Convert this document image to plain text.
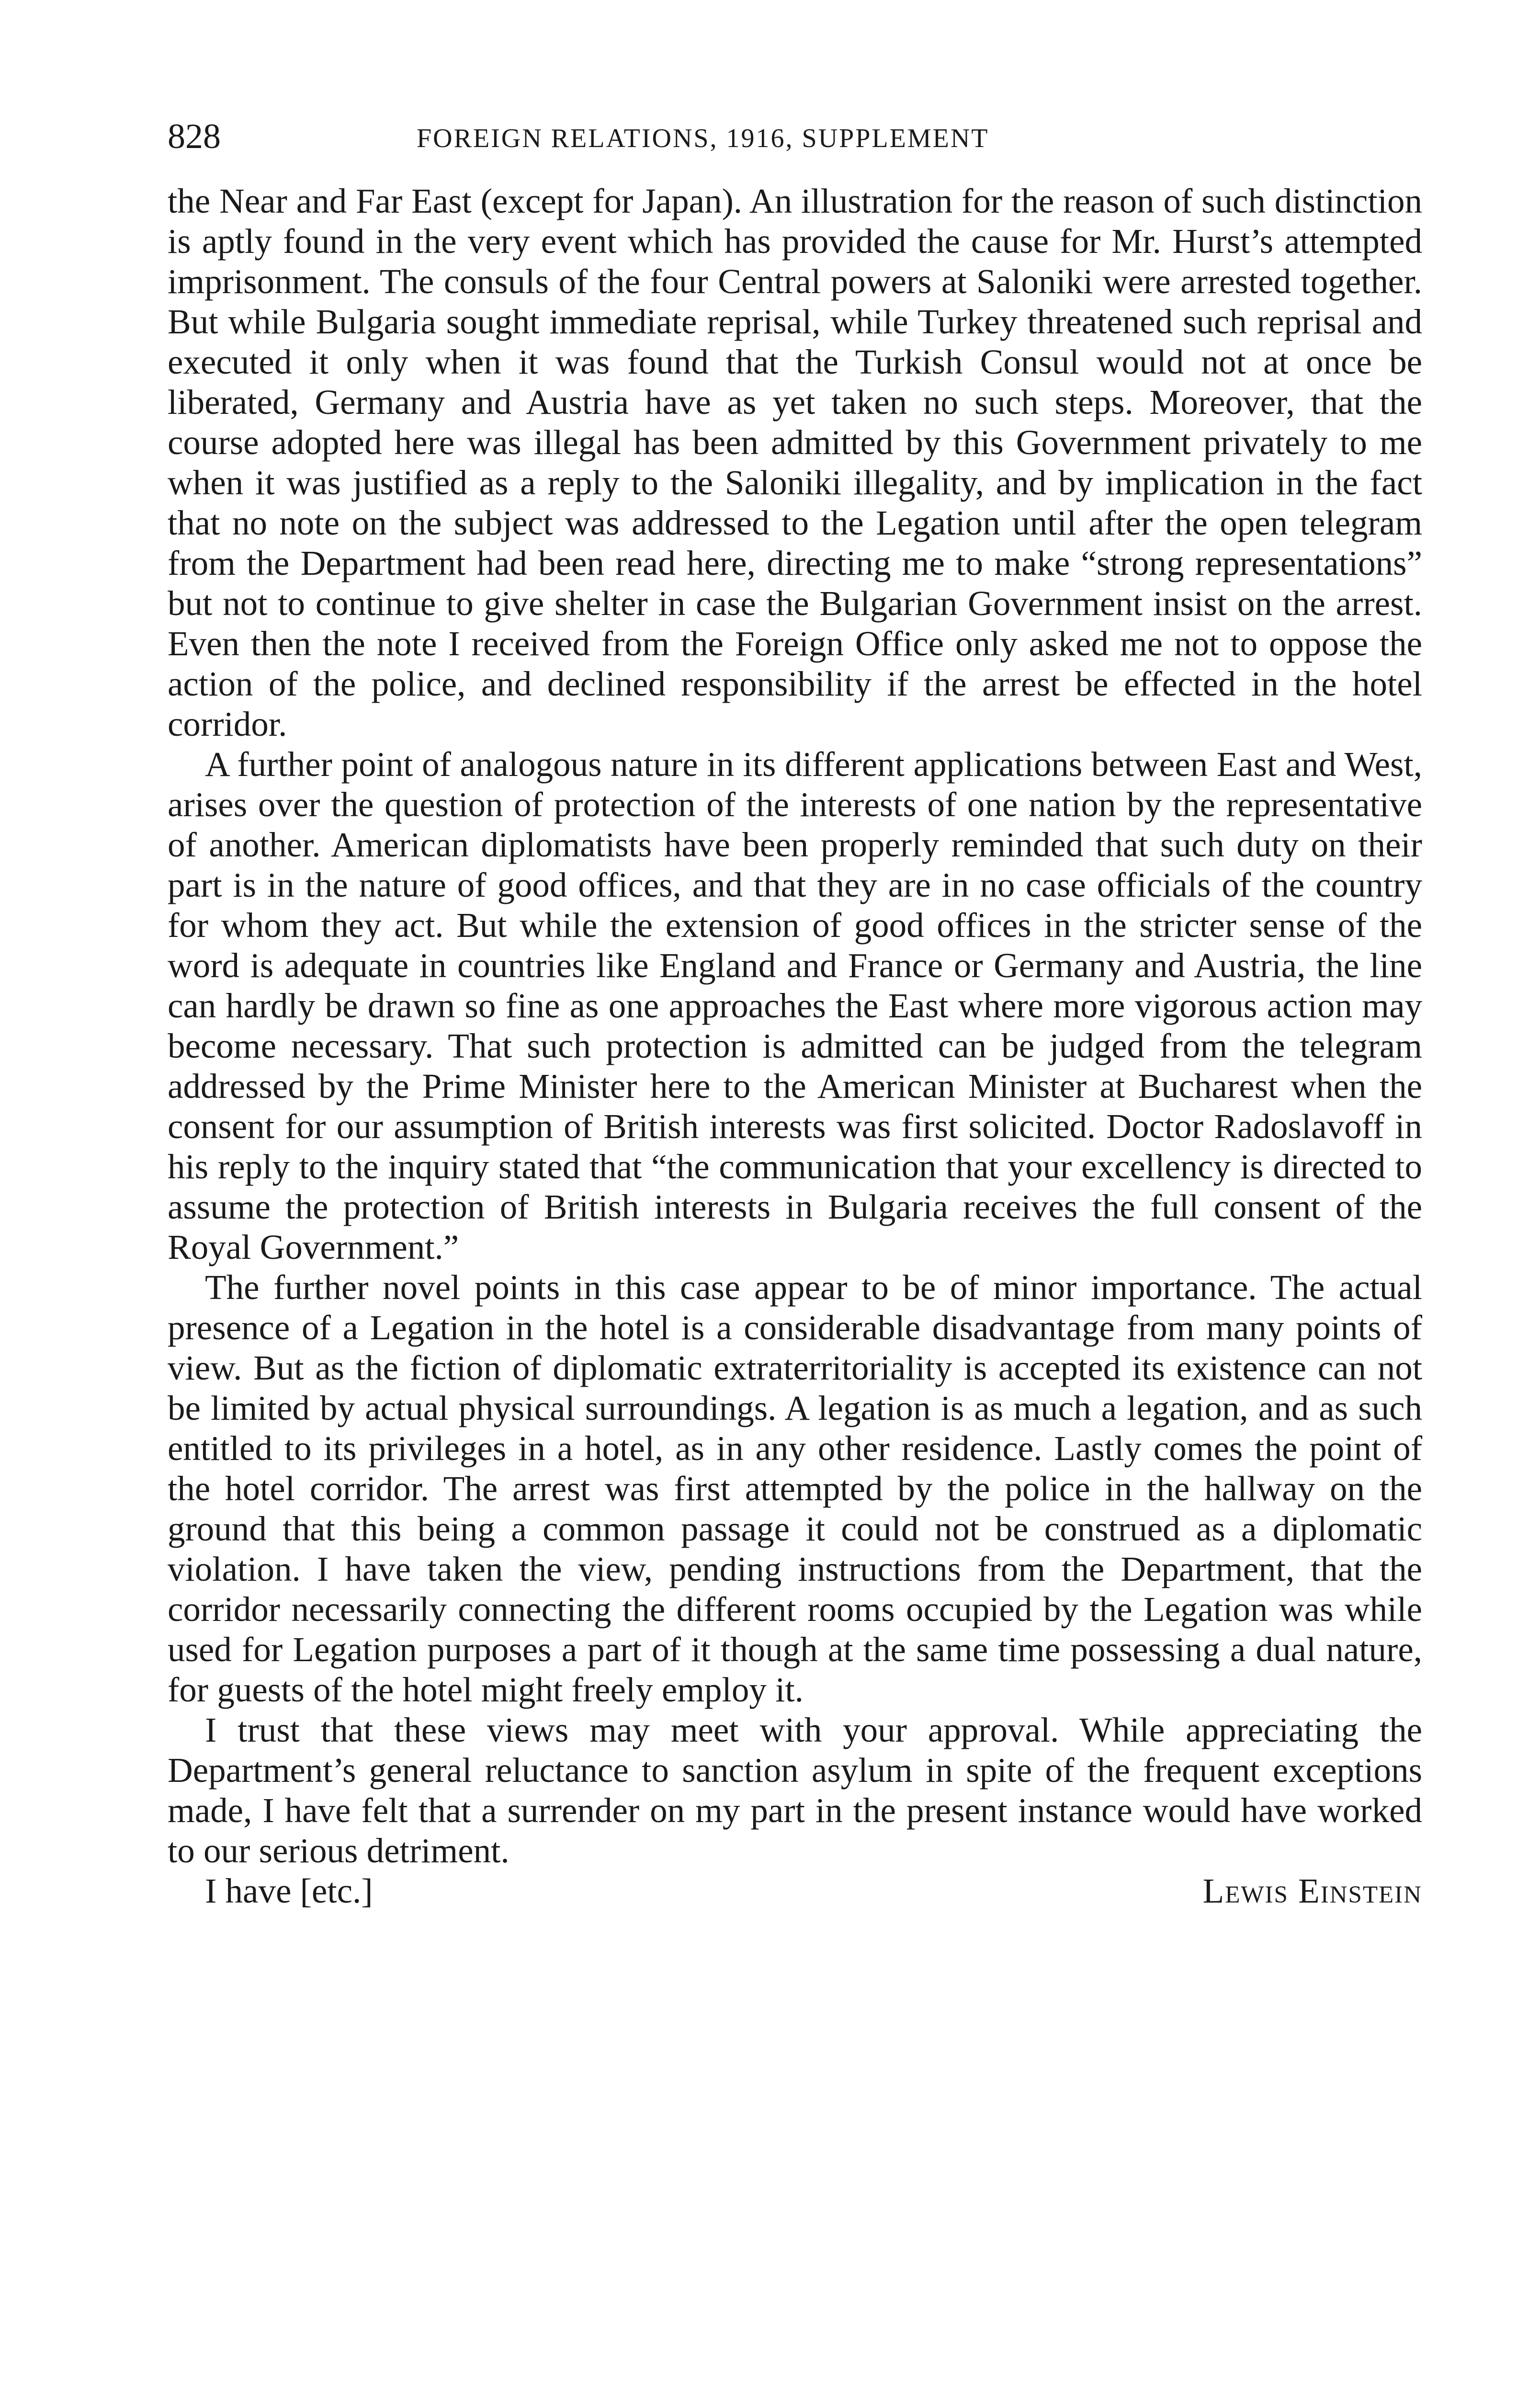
828	FOREIGN RELATIONS, 1916, SUPPLEMENT

the Near and Far East (except for Japan). An illustration for the reason of such distinction is aptly found in the very event which has provided the cause for Mr. Hurst’s attempted imprisonment. The consuls of the four Central powers at Saloniki were arrested together. But while Bulgaria sought immediate reprisal, while Turkey threatened such reprisal and executed it only when it was found that the Turkish Consul would not at once be liberated, Germany and Austria have as yet taken no such steps. Moreover, that the course adopted here was illegal has been admitted by this Government privately to me when it was justified as a reply to the Saloniki illegality, and by implication in the fact that no note on the subject was addressed to the Legation until after the open telegram from the Department had been read here, directing me to make “strong representations” but not to continue to give shelter in case the Bulgarian Government insist on the arrest. Even then the note I received from the Foreign Office only asked me not to oppose the action of the police, and declined responsibility if the arrest be effected in the hotel corridor.

A further point of analogous nature in its different applications between East and West, arises over the question of protection of the interests of one nation by the representative of another. American diplomatists have been properly reminded that such duty on their part is in the nature of good offices, and that they are in no case officials of the country for whom they act. But while the extension of good offices in the stricter sense of the word is adequate in countries like England and France or Germany and Austria, the line can hardly be drawn so fine as one approaches the East where more vigorous action may become necessary. That such protection is admitted can be judged from the telegram addressed by the Prime Minister here to the American Minister at Bucharest when the consent for our assumption of British interests was first solicited. Doctor Radoslavoff in his reply to the inquiry stated that “the communication that your excellency is directed to assume the protection of British interests in Bulgaria receives the full consent of the Royal Government.”

The further novel points in this case appear to be of minor importance. The actual presence of a Legation in the hotel is a considerable disadvantage from many points of view. But as the fiction of diplomatic extraterritoriality is accepted its existence can not be limited by actual physical surroundings. A legation is as much a legation, and as such entitled to its privileges in a hotel, as in any other residence. Lastly comes the point of the hotel corridor. The arrest was first attempted by the police in the hallway on the ground that this being a common passage it could not be construed as a diplomatic violation. I have taken the view, pending instructions from the Department, that the corridor necessarily connecting the different rooms occupied by the Legation was while used for Legation purposes a part of it though at the same time possessing a dual nature, for guests of the hotel might freely employ it.

I trust that these views may meet with your approval. While appreciating the Department’s general reluctance to sanction asylum in spite of the frequent exceptions made, I have felt that a surrender on my part in the present instance would have worked to our serious detriment.

I have [etc.]	Lewis Einstein
